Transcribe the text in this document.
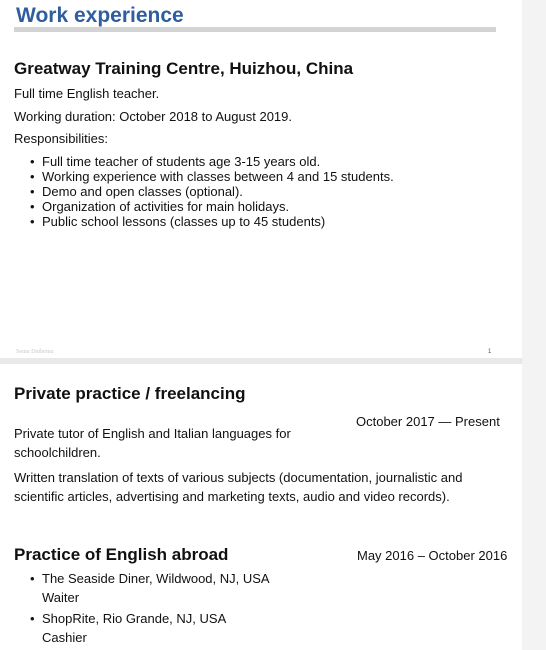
Work experience
Greatway Training Centre, Huizhou, China

Full time English teacher.

Working duration: October 2018 to August 2019.

Responsibilities:

• Full time teacher of students age 3-15 years old.
• Working experience with classes between 4 and 15 students.
• Demo and open classes (optional).
• Organization of activities for main holidays.
• Public school lessons (classes up to 45 students)
Semu Duthemu	1
Private practice / freelancing
October 2017 — Present

Private tutor of English and Italian languages for schoolchildren.

Written translation of texts of various subjects (documentation, journalistic and scientific articles, advertising and marketing texts, audio and video records).

Practice of English abroad	May 2016 – October 2016
• The Seaside Diner, Wildwood, NJ, USA
Waiter
• ShopRite, Rio Grande, NJ, USA
Cashier
